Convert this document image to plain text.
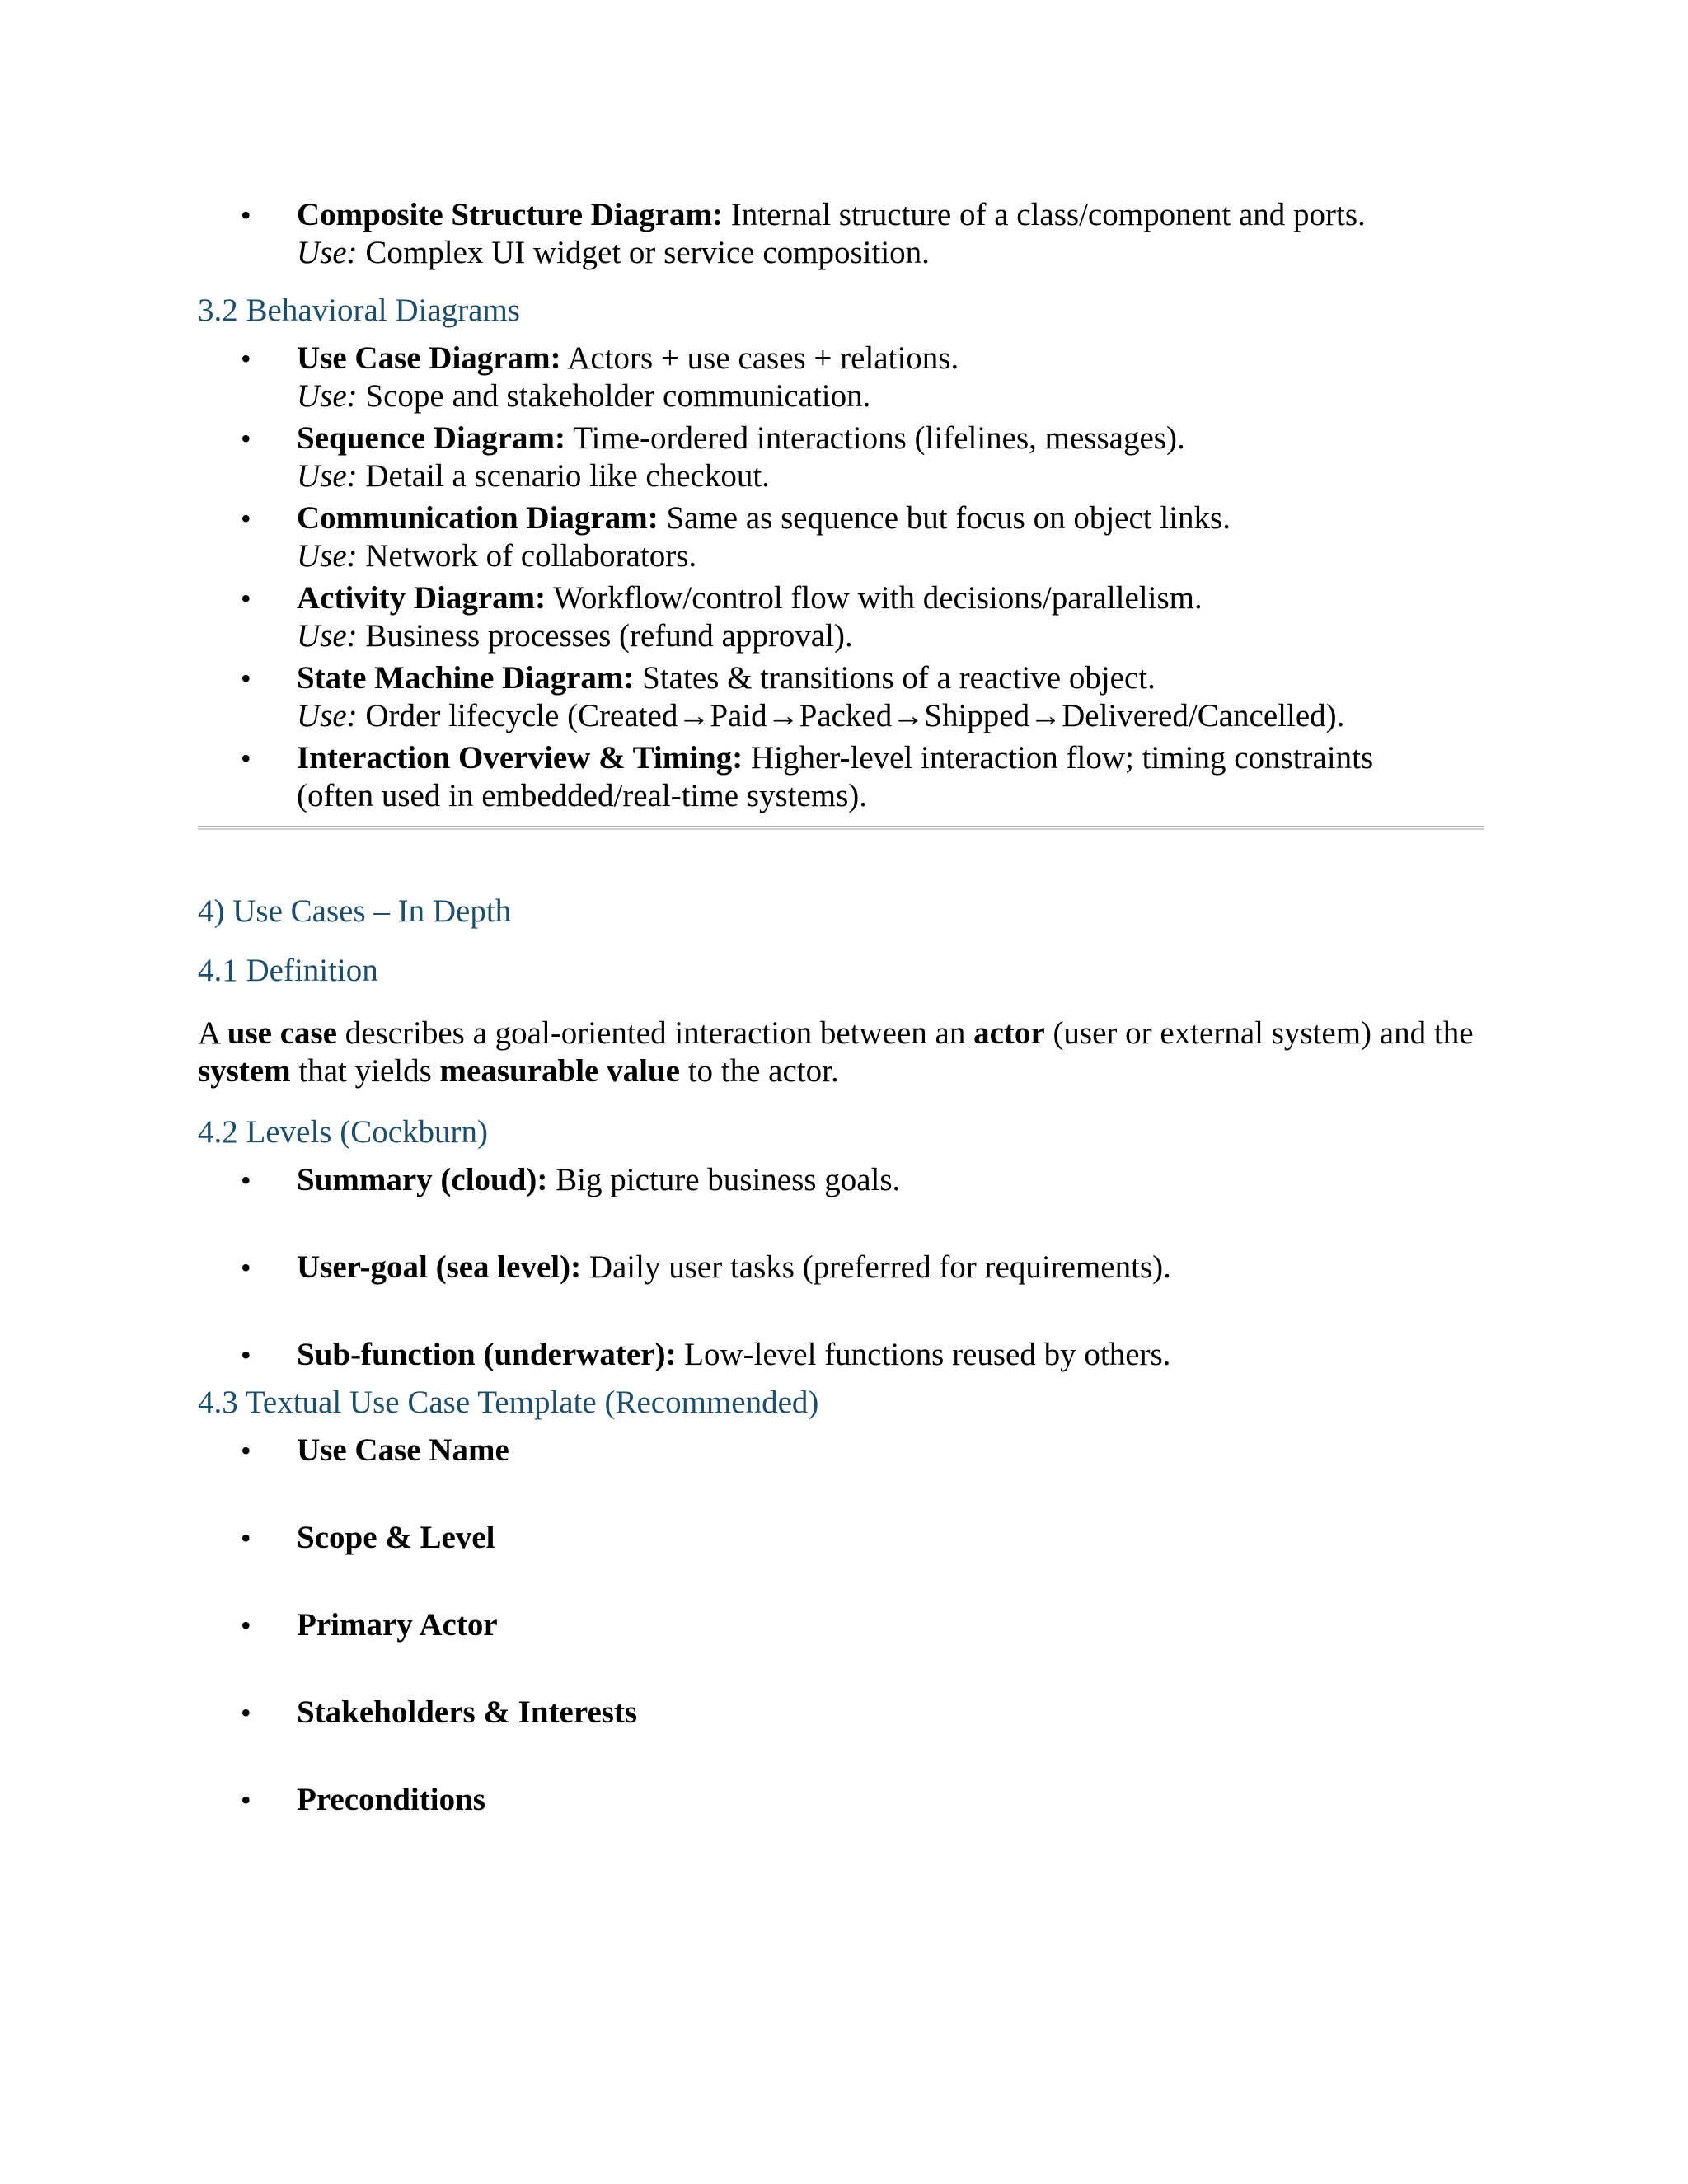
•	Composite Structure Diagram: Internal structure of a class/component and ports.
Use: Complex UI widget or service composition.
3.2 Behavioral Diagrams
•	Use Case Diagram: Actors + use cases + relations.
Use: Scope and stakeholder communication.
•	Sequence Diagram: Time-ordered interactions (lifelines, messages).
Use: Detail a scenario like checkout.
•	Communication Diagram: Same as sequence but focus on object links.
Use: Network of collaborators.
•	Activity Diagram: Workflow/control flow with decisions/parallelism.
Use: Business processes (refund approval).
•	State Machine Diagram: States & transitions of a reactive object.
Use: Order lifecycle (Created→Paid→Packed→Shipped→Delivered/Cancelled).
•	Interaction Overview & Timing: Higher-level interaction flow; timing constraints (often used in embedded/real-time systems).
4) Use Cases – In Depth
4.1 Definition

A use case describes a goal-oriented interaction between an actor (user or external system) and the system that yields measurable value to the actor.

4.2 Levels (Cockburn)
•	Summary (cloud): Big picture business goals.
•	User-goal (sea level): Daily user tasks (preferred for requirements).
•	Sub-function (underwater): Low-level functions reused by others.
4.3 Textual Use Case Template (Recommended)
•	Use Case Name
•	Scope & Level
•	Primary Actor
•	Stakeholders & Interests
•	Preconditions
